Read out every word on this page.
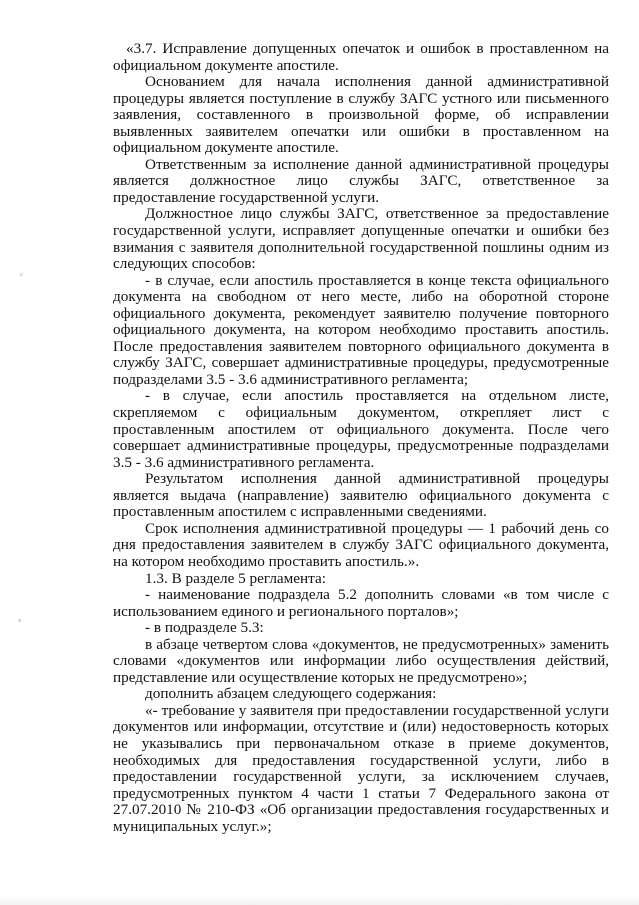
ᶜ
ˢ

«3.7. Исправление допущенных опечаток и ошибок в проставленном на официальном документе апостиле.

Основанием для начала исполнения данной административной процедуры является поступление в службу ЗАГС устного или письменного заявления, составленного в произвольной форме, об исправлении выявленных заявителем опечатки или ошибки в проставленном на официальном документе апостиле.

Ответственным за исполнение данной административной процедуры является должностное лицо службы ЗАГС, ответственное за предоставление государственной услуги.

Должностное лицо службы ЗАГС, ответственное за предоставление государственной услуги, исправляет допущенные опечатки и ошибки без взимания с заявителя дополнительной государственной пошлины одним из следующих способов:

- в случае, если апостиль проставляется в конце текста официального документа на свободном от него месте, либо на оборотной стороне официального документа, рекомендует заявителю получение повторного официального документа, на котором необходимо проставить апостиль. После предоставления заявителем повторного официального документа в службу ЗАГС, совершает административные процедуры, предусмотренные подразделами 3.5 - 3.6 административного регламента;

- в случае, если апостиль проставляется на отдельном листе, скрепляемом с официальным документом, открепляет лист с проставленным апостилем от официального документа. После чего совершает административные процедуры, предусмотренные подразделами 3.5 - 3.6 административного регламента.

Результатом исполнения данной административной процедуры является выдача (направление) заявителю официального документа с проставленным апостилем с исправленными сведениями.

Срок исполнения административной процедуры — 1 рабочий день со дня предоставления заявителем в службу ЗАГС официального документа, на котором необходимо проставить апостиль.».

1.3. В разделе 5 регламента:

- наименование подраздела 5.2 дополнить словами «в том числе с использованием единого и регионального порталов»;

- в подразделе 5.3:

в абзаце четвертом слова «документов, не предусмотренных» заменить словами «документов или информации либо осуществления действий, представление или осуществление которых не предусмотрено»;

дополнить абзацем следующего содержания:

«- требование у заявителя при предоставлении государственной услуги документов или информации, отсутствие и (или) недостоверность которых не указывались при первоначальном отказе в приеме документов, необходимых для предоставления государственной услуги, либо в предоставлении государственной услуги, за исключением случаев, предусмотренных пунктом 4 части 1 статьи 7 Федерального закона от 27.07.2010 № 210-ФЗ «Об организации предоставления государственных и муниципальных услуг.»;
